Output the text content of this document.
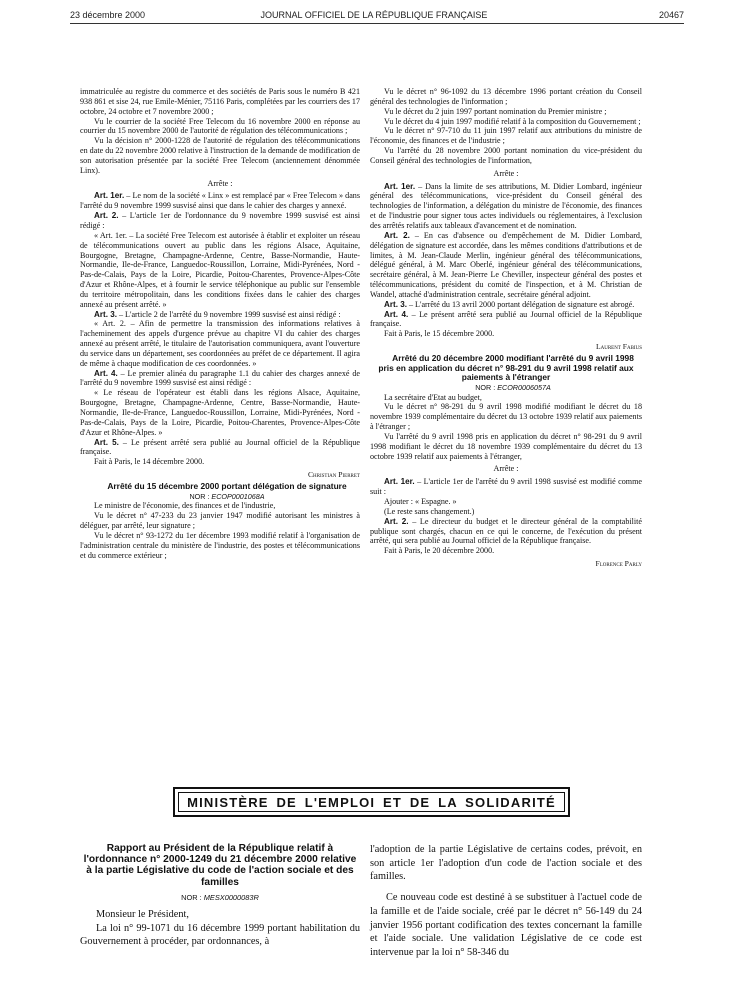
23 décembre 2000	JOURNAL OFFICIEL DE LA RÉPUBLIQUE FRANÇAISE	20467

immatriculée au registre du commerce et des sociétés de Paris sous le numéro B 421 938 861 et sise 24, rue Emile-Ménier, 75116 Paris, complétées par les courriers des 17 octobre, 24 octobre et 7 novembre 2000 ;

Vu le courrier de la société Free Telecom du 16 novembre 2000 en réponse au courrier du 15 novembre 2000 de l'autorité de régulation des télécommunications ;

Vu la décision n° 2000-1228 de l'autorité de régulation des télécommunications en date du 22 novembre 2000 relative à l'instruction de la demande de modification de son autorisation présentée par la société Free Telecom (anciennement dénommée Linx).

Arrête :

Art. 1er. – Le nom de la société « Linx » est remplacé par « Free Telecom » dans l'arrêté du 9 novembre 1999 susvisé ainsi que dans le cahier des charges y annexé.

Art. 2. – L'article 1er de l'ordonnance du 9 novembre 1999 susvisé est ainsi rédigé :

« Art. 1er. – La société Free Telecom est autorisée à établir et exploiter un réseau de télécommunications ouvert au public dans les régions Alsace, Aquitaine, Bourgogne, Bretagne, Champagne-Ardenne, Centre, Basse-Normandie, Haute-Normandie, Ile-de-France, Languedoc-Roussillon, Lorraine, Midi-Pyrénées, Nord - Pas-de-Calais, Pays de la Loire, Picardie, Poitou-Charentes, Provence-Alpes-Côte d'Azur et Rhône-Alpes, et à fournir le service téléphonique au public sur l'ensemble du territoire métropolitain, dans les conditions fixées dans le cahier des charges annexé au présent arrêté. »

Art. 3. – L'article 2 de l'arrêté du 9 novembre 1999 susvisé est ainsi rédigé :

« Art. 2. – Afin de permettre la transmission des informations relatives à l'acheminement des appels d'urgence prévue au chapitre VI du cahier des charges annexé au présent arrêté, le titulaire de l'autorisation communiquera, avant l'ouverture du service dans un département, ses coordonnées au préfet de ce département. Il agira de même à chaque modification de ces coordonnées. »

Art. 4. – Le premier alinéa du paragraphe 1.1 du cahier des charges annexé de l'arrêté du 9 novembre 1999 susvisé est ainsi rédigé :

« Le réseau de l'opérateur est établi dans les régions Alsace, Aquitaine, Bourgogne, Bretagne, Champagne-Ardenne, Centre, Basse-Normandie, Haute-Normandie, Ile-de-France, Languedoc-Roussillon, Lorraine, Midi-Pyrénées, Nord - Pas-de-Calais, Pays de la Loire, Picardie, Poitou-Charentes, Provence-Alpes-Côte d'Azur et Rhône-Alpes. »

Art. 5. – Le présent arrêté sera publié au Journal officiel de la République française.

Fait à Paris, le 14 décembre 2000.

Christian Pierret

Arrêté du 15 décembre 2000 portant délégation de signature

NOR : ECOP0001068A

Le ministre de l'économie, des finances et de l'industrie,

Vu le décret n° 47-233 du 23 janvier 1947 modifié autorisant les ministres à déléguer, par arrêté, leur signature ;

Vu le décret n° 93-1272 du 1er décembre 1993 modifié relatif à l'organisation de l'administration centrale du ministère de l'industrie, des postes et télécommunications et du commerce extérieur ;

Vu le décret n° 96-1092 du 13 décembre 1996 portant création du Conseil général des technologies de l'information ;

Vu le décret du 2 juin 1997 portant nomination du Premier ministre ;

Vu le décret du 4 juin 1997 modifié relatif à la composition du Gouvernement ;

Vu le décret n° 97-710 du 11 juin 1997 relatif aux attributions du ministre de l'économie, des finances et de l'industrie ;

Vu l'arrêté du 28 novembre 2000 portant nomination du vice-président du Conseil général des technologies de l'information,

Arrête :

Art. 1er. – Dans la limite de ses attributions, M. Didier Lombard, ingénieur général des télécommunications, vice-président du Conseil général des technologies de l'information, a délégation du ministre de l'économie, des finances et de l'industrie pour signer tous actes individuels ou réglementaires, à l'exclusion des arrêtés relatifs aux tableaux d'avancement et de nomination.

Art. 2. – En cas d'absence ou d'empêchement de M. Didier Lombard, délégation de signature est accordée, dans les mêmes conditions d'attributions et de limites, à M. Jean-Claude Merlin, ingénieur général des télécommunications, délégué général, à M. Marc Oberlé, ingénieur général des télécommunications, secrétaire général, à M. Jean-Pierre Le Cheviller, inspecteur général des postes et télécommunications, président du comité de l'inspection, et à M. Christian de Wandel, attaché d'administration centrale, secrétaire général adjoint.

Art. 3. – L'arrêté du 13 avril 2000 portant délégation de signature est abrogé.

Art. 4. – Le présent arrêté sera publié au Journal officiel de la République française.

Fait à Paris, le 15 décembre 2000.

Laurent Fabius

Arrêté du 20 décembre 2000 modifiant l'arrêté du 9 avril 1998 pris en application du décret n° 98-291 du 9 avril 1998 relatif aux paiements à l'étranger

NOR : ECOR0006057A

La secrétaire d'Etat au budget,

Vu le décret n° 98-291 du 9 avril 1998 modifié modifiant le décret du 18 novembre 1939 complémentaire du décret du 13 octobre 1939 relatif aux paiements à l'étranger ;

Vu l'arrêté du 9 avril 1998 pris en application du décret n° 98-291 du 9 avril 1998 modifiant le décret du 18 novembre 1939 complémentaire du décret du 13 octobre 1939 relatif aux paiements à l'étranger,

Arrête :

Art. 1er. – L'article 1er de l'arrêté du 9 avril 1998 susvisé est modifié comme suit :

Ajouter : « Espagne. »

(Le reste sans changement.)

Art. 2. – Le directeur du budget et le directeur général de la comptabilité publique sont chargés, chacun en ce qui le concerne, de l'exécution du présent arrêté, qui sera publié au Journal officiel de la République française.

Fait à Paris, le 20 décembre 2000.

Florence Parly

MINISTÈRE DE L'EMPLOI ET DE LA SOLIDARITÉ
Rapport au Président de la République relatif à l'ordonnance n° 2000-1249 du 21 décembre 2000 relative à la partie Législative du code de l'action sociale et des familles
NOR : MESX0000083R

Monsieur le Président,

La loi n° 99-1071 du 16 décembre 1999 portant habilitation du Gouvernement à procéder, par ordonnances, à

l'adoption de la partie Législative de certains codes, prévoit, en son article 1er l'adoption d'un code de l'action sociale et des familles.

Ce nouveau code est destiné à se substituer à l'actuel code de la famille et de l'aide sociale, créé par le décret n° 56-149 du 24 janvier 1956 portant codification des textes concernant la famille et l'aide sociale. Une validation Législative de ce code est intervenue par la loi n° 58-346 du
